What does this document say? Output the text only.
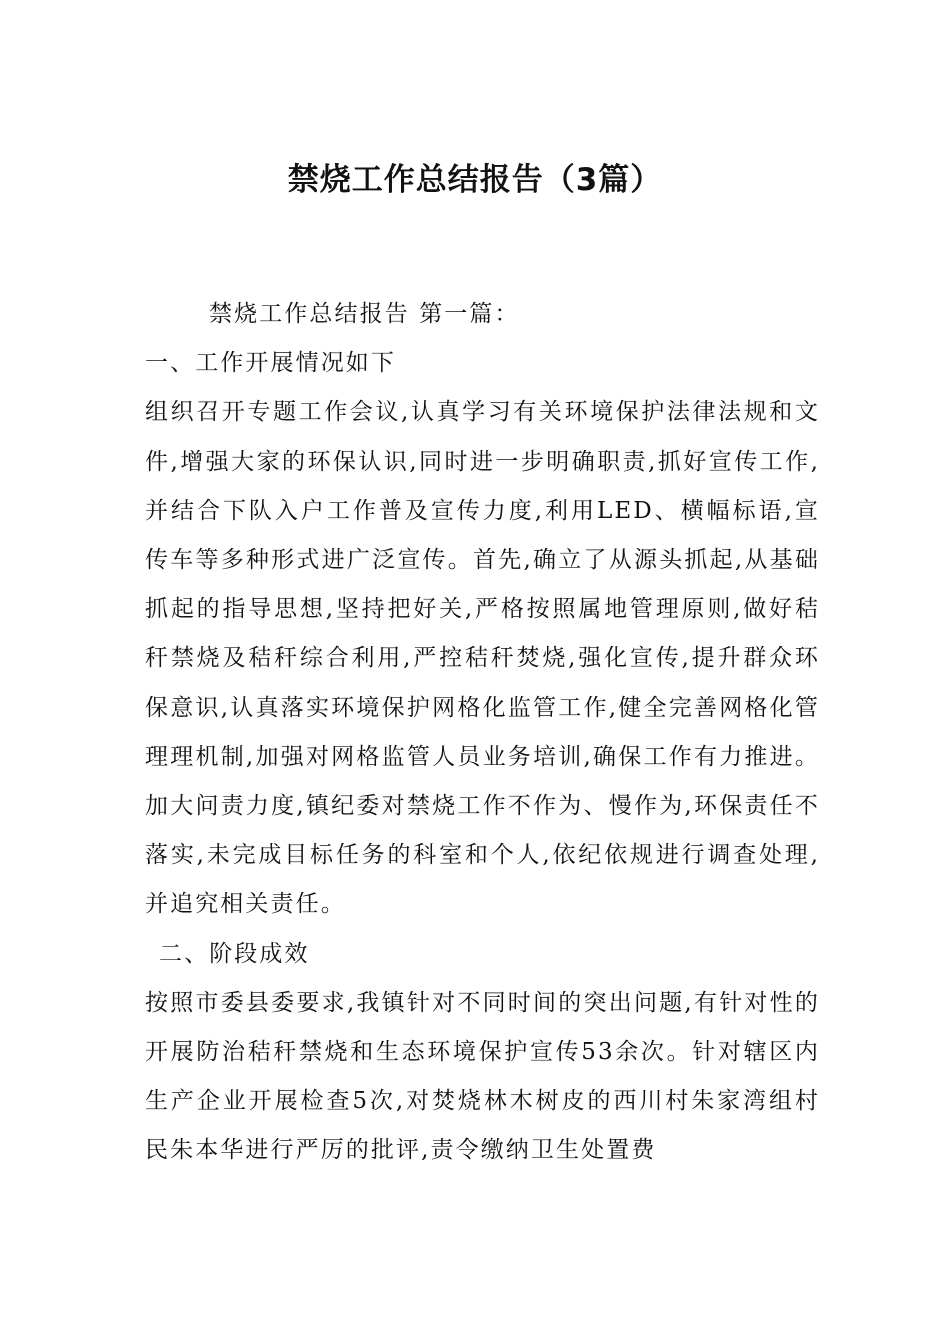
禁烧工作总结报告（3篇）

禁烧工作总结报告 第一篇：

一、工作开展情况如下

组织召开专题工作会议,认真学习有关环境保护法律法规和文件,增强大家的环保认识,同时进一步明确职责,抓好宣传工作,并结合下队入户工作普及宣传力度,利用LED、横幅标语,宣传车等多种形式进广泛宣传。首先,确立了从源头抓起,从基础抓起的指导思想,坚持把好关,严格按照属地管理原则,做好秸秆禁烧及秸秆综合利用,严控秸秆焚烧,强化宣传,提升群众环保意识,认真落实环境保护网格化监管工作,健全完善网格化管理理机制,加强对网格监管人员业务培训,确保工作有力推进。加大问责力度,镇纪委对禁烧工作不作为、慢作为,环保责任不落实,未完成目标任务的科室和个人,依纪依规进行调查处理,并追究相关责任。

二、阶段成效

按照市委县委要求,我镇针对不同时间的突出问题,有针对性的开展防治秸秆禁烧和生态环境保护宣传53余次。针对辖区内生产企业开展检查5次,对焚烧林木树皮的西川村朱家湾组村民朱本华进行严厉的批评,责令缴纳卫生处置费
